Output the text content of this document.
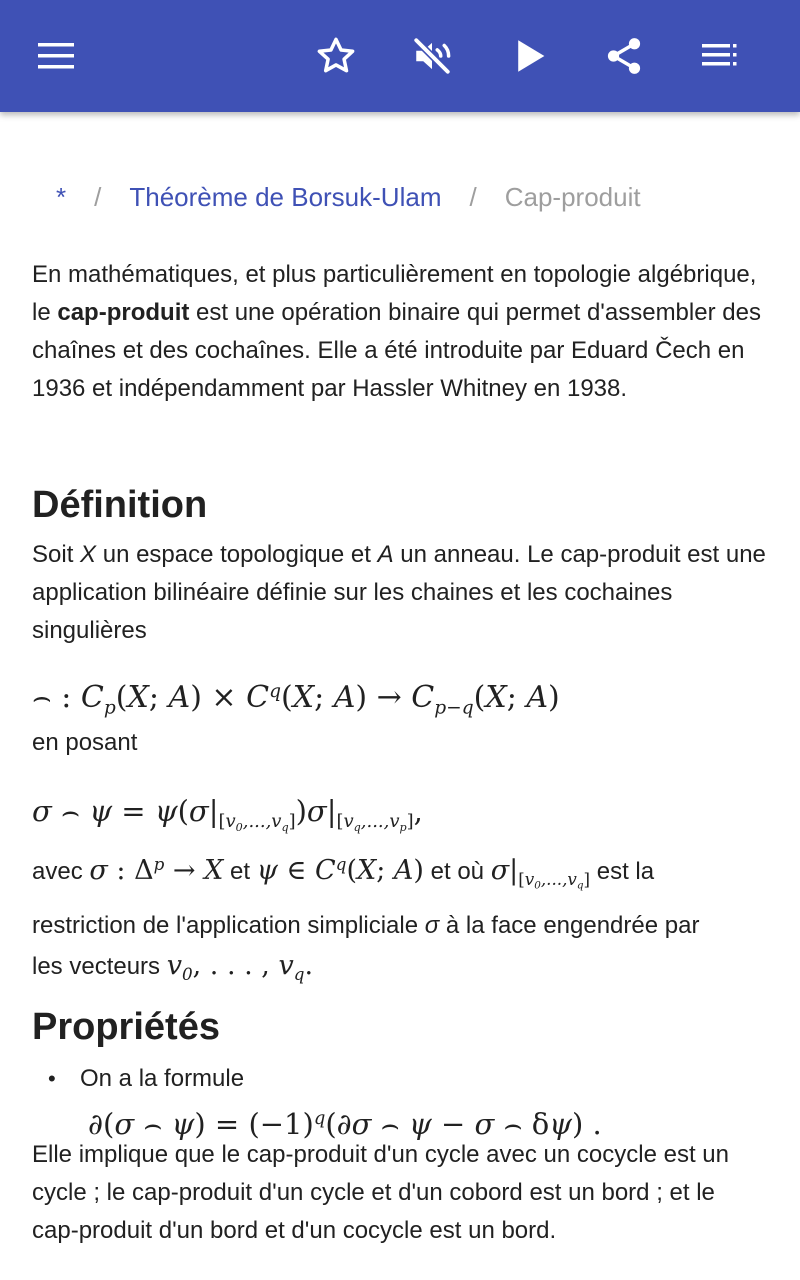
* / Théorème de Borsuk-Ulam / Cap-produit

En mathématiques, et plus particulièrement en topologie algébrique, le cap-produit est une opération binaire qui permet d'assembler des chaînes et des cochaînes. Elle a été introduite par Eduard Čech en 1936 et indépendamment par Hassler Whitney en 1938.

Définition

Soit X un espace topologique et A un anneau. Le cap-produit est une application bilinéaire définie sur les chaines et les cochaines singulières

⌢ : $C_p(X$; $A) \times C^q(X$; $A) \to C_{p-q}(X$; A)

en posant

σ ⌢ $\psi = \psi(\sigma|_{[v_0,...,v_q]})\sigma|_{[v_q,...,v_p]}$,

avec σ : $\Delta^p \to X$ et ψ ∈ $C^q(X$; A) et où $\sigma|_{[v_0,...,v_q]}$ est la
restriction de l'application simpliciale σ à la face engendrée par
les vecteurs $v_0$, . . . , $v_q$.

Propriétés
• On a la formule
∂(σ ⌢ $\psi) = (-1)^q(\partial\sigma$ ⌢ ψ − σ ⌢ δψ) .

Elle implique que le cap-produit d'un cycle avec un cocycle est un cycle ; le cap-produit d'un cycle et d'un cobord est un bord ; et le cap-produit d'un bord et d'un cocycle est un bord.
